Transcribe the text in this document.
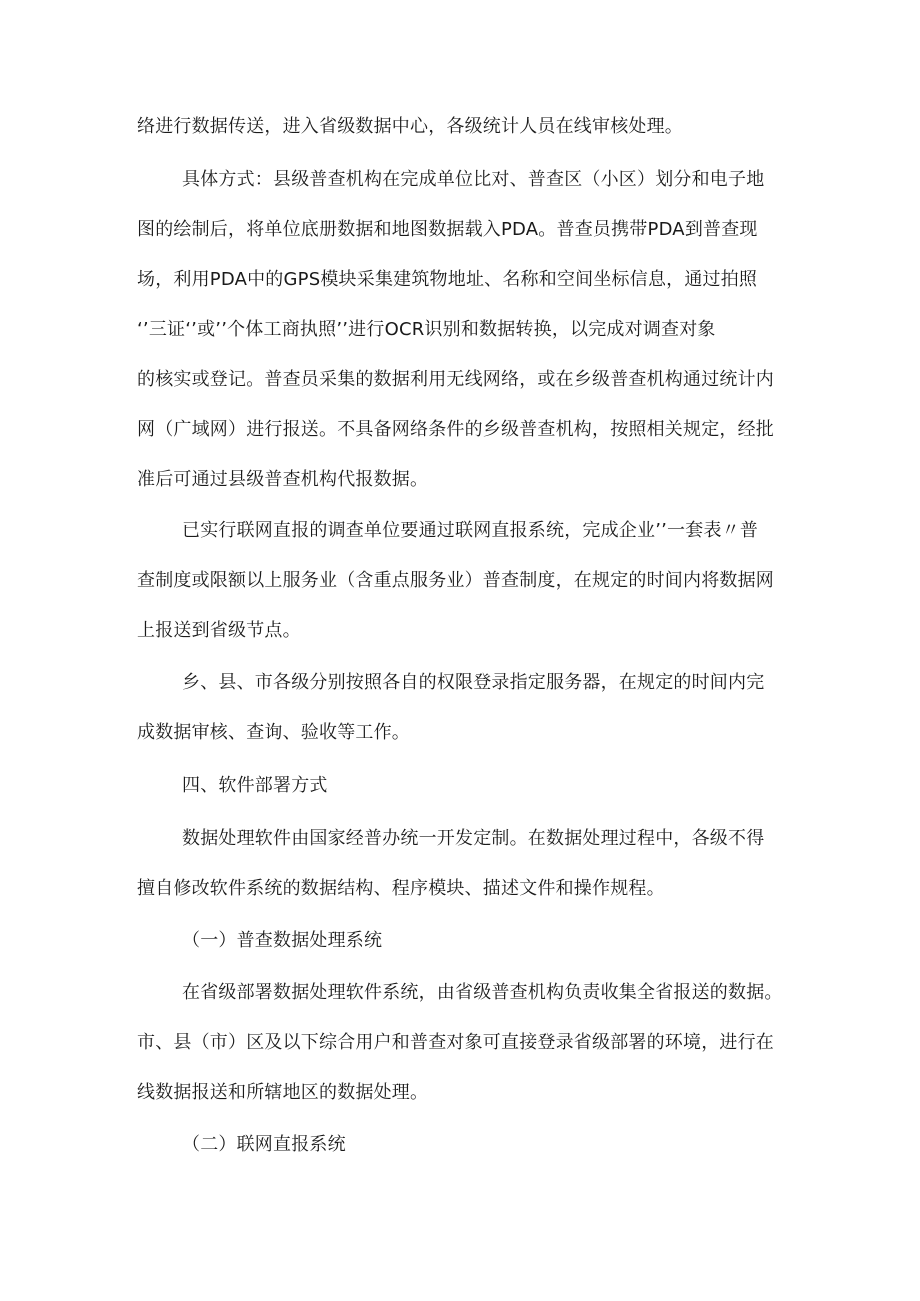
络进行数据传送，进入省级数据中心，各级统计人员在线审核处理。

具体方式：县级普查机构在完成单位比对、普查区（小区）划分和电子地

图的绘制后，将单位底册数据和地图数据载入PDA。普查员携带PDA到普查现

场，利用PDA中的GPS模块采集建筑物地址、名称和空间坐标信息，通过拍照

‘’三证‘’或’’个体工商执照’’进行OCR识别和数据转换，以完成对调查对象

的核实或登记。普查员采集的数据利用无线网络，或在乡级普查机构通过统计内

网（广域网）进行报送。不具备网络条件的乡级普查机构，按照相关规定，经批

准后可通过县级普查机构代报数据。

已实行联网直报的调查单位要通过联网直报系统，完成企业’’一套表〃普

查制度或限额以上服务业（含重点服务业）普查制度，在规定的时间内将数据网

上报送到省级节点。

乡、县、市各级分别按照各自的权限登录指定服务器，在规定的时间内完

成数据审核、查询、验收等工作。

四、软件部署方式

数据处理软件由国家经普办统一开发定制。在数据处理过程中，各级不得

擅自修改软件系统的数据结构、程序模块、描述文件和操作规程。

（一）普查数据处理系统

在省级部署数据处理软件系统，由省级普查机构负责收集全省报送的数据。

市、县（市）区及以下综合用户和普查对象可直接登录省级部署的环境，进行在

线数据报送和所辖地区的数据处理。

（二）联网直报系统
